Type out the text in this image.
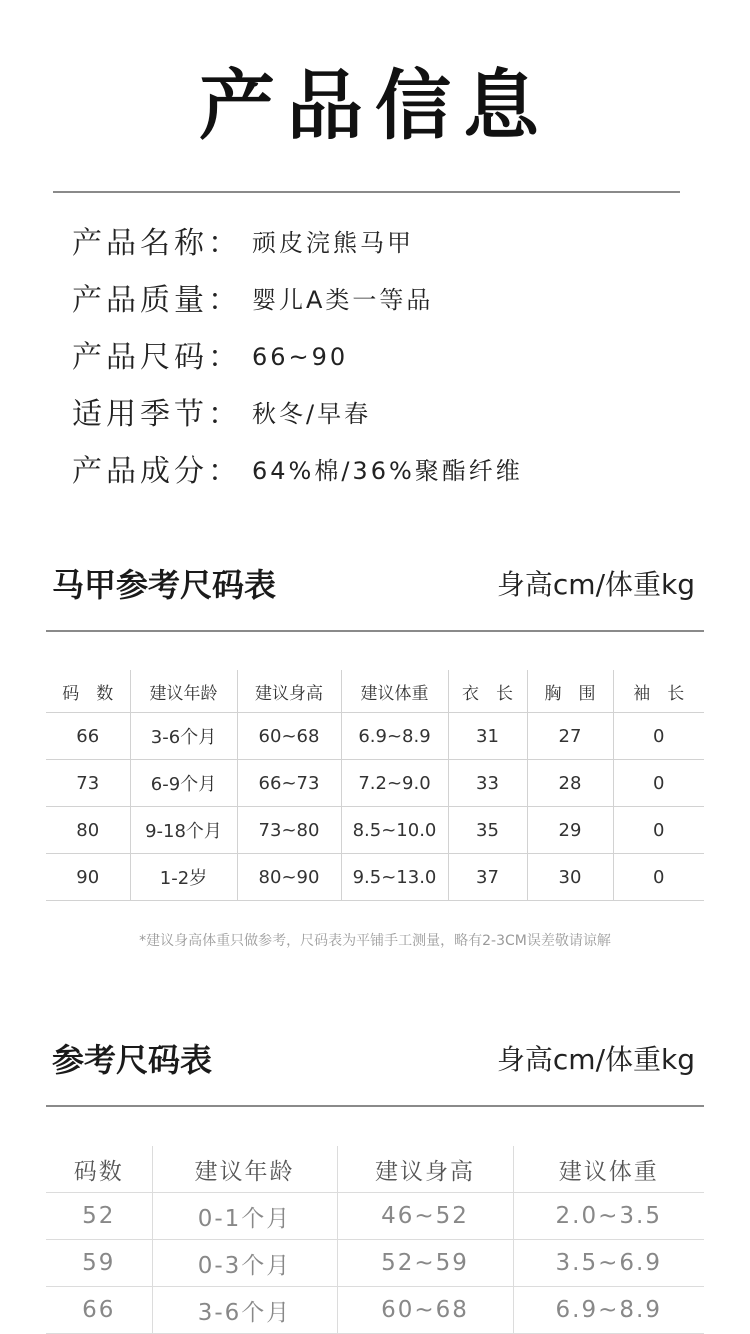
产品信息
产品名称： 顽皮浣熊马甲
产品质量： 婴儿A类一等品
产品尺码： 66~90
适用季节： 秋冬/早春
产品成分： 64%棉/36%聚酯纤维
马甲参考尺码表	身高cm/体重kg
码　数	建议年龄	建议身高	建议体重	衣　长	胸　围	袖　长
66	3-6个月	60~68	6.9~8.9	31	27	0
73	6-9个月	66~73	7.2~9.0	33	28	0
80	9-18个月	73~80	8.5~10.0	35	29	0
90	1-2岁	80~90	9.5~13.0	37	30	0
*建议身高体重只做参考，尺码表为平铺手工测量，略有2-3CM误差敬请谅解
参考尺码表	身高cm/体重kg
码数	建议年龄	建议身高	建议体重
52	0-1个月	46~52	2.0~3.5
59	0-3个月	52~59	3.5~6.9
66	3-6个月	60~68	6.9~8.9
